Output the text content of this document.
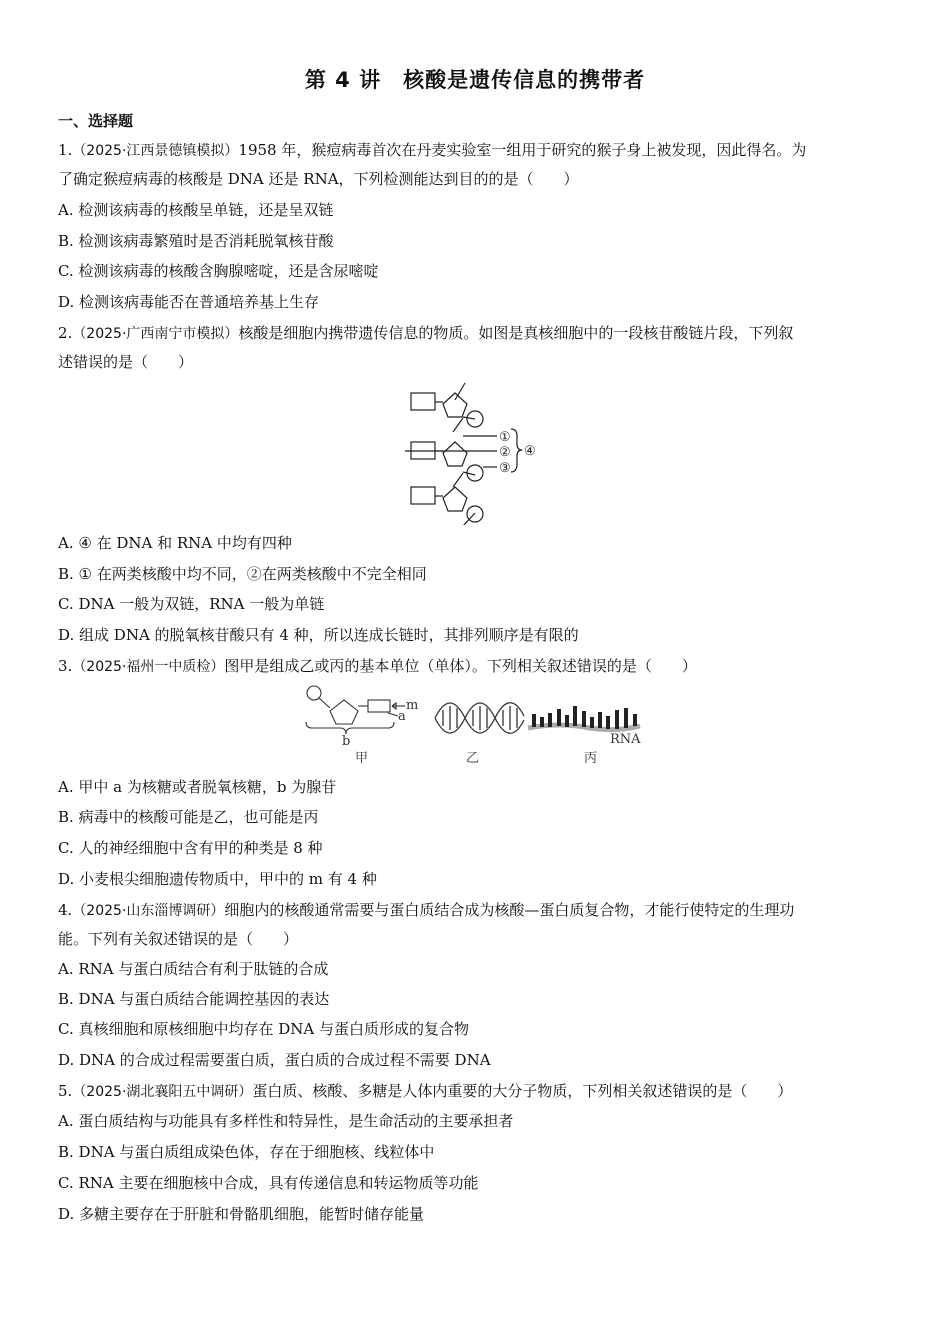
第 4 讲　核酸是遗传信息的携带者
一、选择题
1.（2025·江西景德镇模拟）1958 年，猴痘病毒首次在丹麦实验室一组用于研究的猴子身上被发现，因此得名。为
了确定猴痘病毒的核酸是 DNA 还是 RNA，下列检测能达到目的的是（　　）
A. 检测该病毒的核酸呈单链，还是呈双链
B. 检测该病毒繁殖时是否消耗脱氧核苷酸
C. 检测该病毒的核酸含胸腺嘧啶，还是含尿嘧啶
D. 检测该病毒能否在普通培养基上生存
2.（2025·广西南宁市模拟）核酸是细胞内携带遗传信息的物质。如图是真核细胞中的一段核苷酸链片段，下列叙
述错误的是（　　）
①
②
③
④
A. ④ 在 DNA 和 RNA 中均有四种
B. ① 在两类核酸中均不同，②在两类核酸中不完全相同
C. DNA 一般为双链，RNA 一般为单链
D. 组成 DNA 的脱氧核苷酸只有 4 种，所以连成长链时，其排列顺序是有限的
3.（2025·福州一中质检）图甲是组成乙或丙的基本单位（单体）。下列相关叙述错误的是（　　）
m
a
b
甲	乙
RNA
丙
A. 甲中 a 为核糖或者脱氧核糖，b 为腺苷
B. 病毒中的核酸可能是乙，也可能是丙
C. 人的神经细胞中含有甲的种类是 8 种
D. 小麦根尖细胞遗传物质中，甲中的 m 有 4 种
4.（2025·山东淄博调研）细胞内的核酸通常需要与蛋白质结合成为核酸—蛋白质复合物，才能行使特定的生理功
能。下列有关叙述错误的是（　　）
A. RNA 与蛋白质结合有利于肽链的合成
B. DNA 与蛋白质结合能调控基因的表达
C. 真核细胞和原核细胞中均存在 DNA 与蛋白质形成的复合物
D. DNA 的合成过程需要蛋白质，蛋白质的合成过程不需要 DNA
5.（2025·湖北襄阳五中调研）蛋白质、核酸、多糖是人体内重要的大分子物质，下列相关叙述错误的是（　　）
A. 蛋白质结构与功能具有多样性和特异性，是生命活动的主要承担者
B. DNA 与蛋白质组成染色体，存在于细胞核、线粒体中
C. RNA 主要在细胞核中合成，具有传递信息和转运物质等功能
D. 多糖主要存在于肝脏和骨骼肌细胞，能暂时储存能量
